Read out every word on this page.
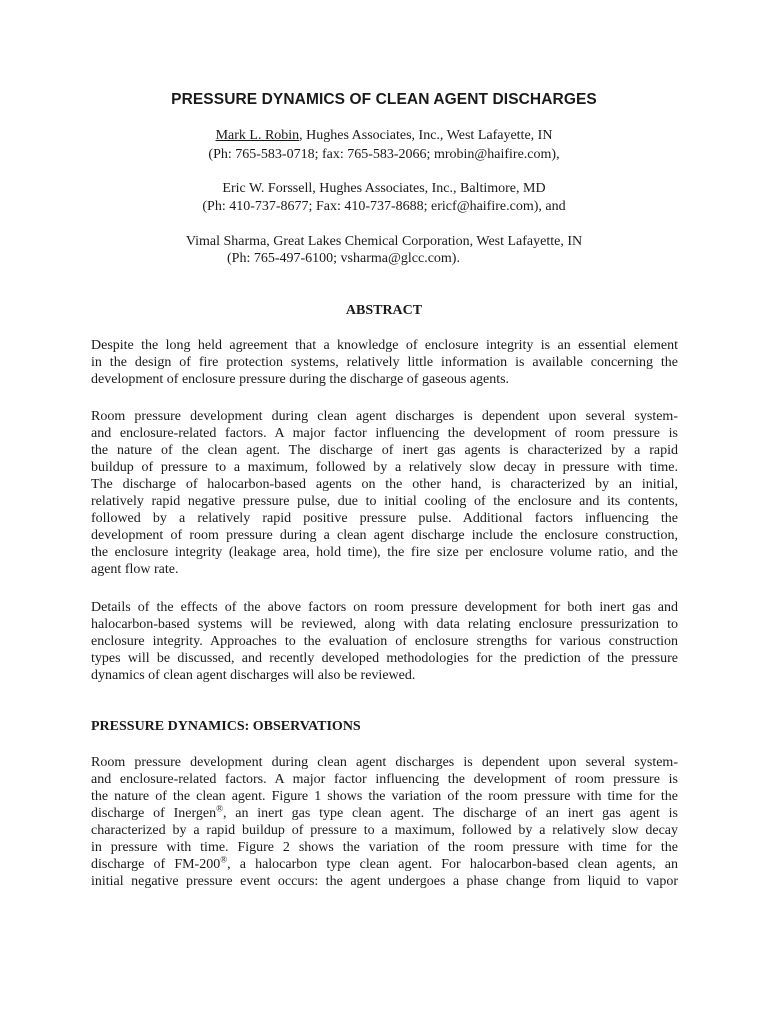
PRESSURE DYNAMICS OF CLEAN AGENT DISCHARGES

Mark L. Robin, Hughes Associates, Inc., West Lafayette, IN

(Ph: 765-583-0718; fax: 765-583-2066; mrobin@haifire.com),

Eric W. Forssell, Hughes Associates, Inc., Baltimore, MD

(Ph: 410-737-8677; Fax: 410-737-8688; ericf@haifire.com), and

Vimal Sharma, Great Lakes Chemical Corporation, West Lafayette, IN

(Ph: 765-497-6100; vsharma@glcc.com).

ABSTRACT

Despite the long held agreement that a knowledge of enclosure integrity is an essential element
in the design of fire protection systems, relatively little information is available concerning the
development of enclosure pressure during the discharge of gaseous agents.

Room pressure development during clean agent discharges is dependent upon several system-
and enclosure-related factors. A major factor influencing the development of room pressure is
the nature of the clean agent. The discharge of inert gas agents is characterized by a rapid
buildup of pressure to a maximum, followed by a relatively slow decay in pressure with time.
The discharge of halocarbon-based agents on the other hand, is characterized by an initial,
relatively rapid negative pressure pulse, due to initial cooling of the enclosure and its contents,
followed by a relatively rapid positive pressure pulse. Additional factors influencing the
development of room pressure during a clean agent discharge include the enclosure construction,
the enclosure integrity (leakage area, hold time), the fire size per enclosure volume ratio, and the
agent flow rate.

Details of the effects of the above factors on room pressure development for both inert gas and
halocarbon-based systems will be reviewed, along with data relating enclosure pressurization to
enclosure integrity. Approaches to the evaluation of enclosure strengths for various construction
types will be discussed, and recently developed methodologies for the prediction of the pressure
dynamics of clean agent discharges will also be reviewed.

PRESSURE DYNAMICS: OBSERVATIONS

Room pressure development during clean agent discharges is dependent upon several system-
and enclosure-related factors. A major factor influencing the development of room pressure is
the nature of the clean agent. Figure 1 shows the variation of the room pressure with time for the
discharge of Inergen®, an inert gas type clean agent. The discharge of an inert gas agent is
characterized by a rapid buildup of pressure to a maximum, followed by a relatively slow decay
in pressure with time. Figure 2 shows the variation of the room pressure with time for the
discharge of FM-200®, a halocarbon type clean agent. For halocarbon-based clean agents, an
initial negative pressure event occurs: the agent undergoes a phase change from liquid to vapor
